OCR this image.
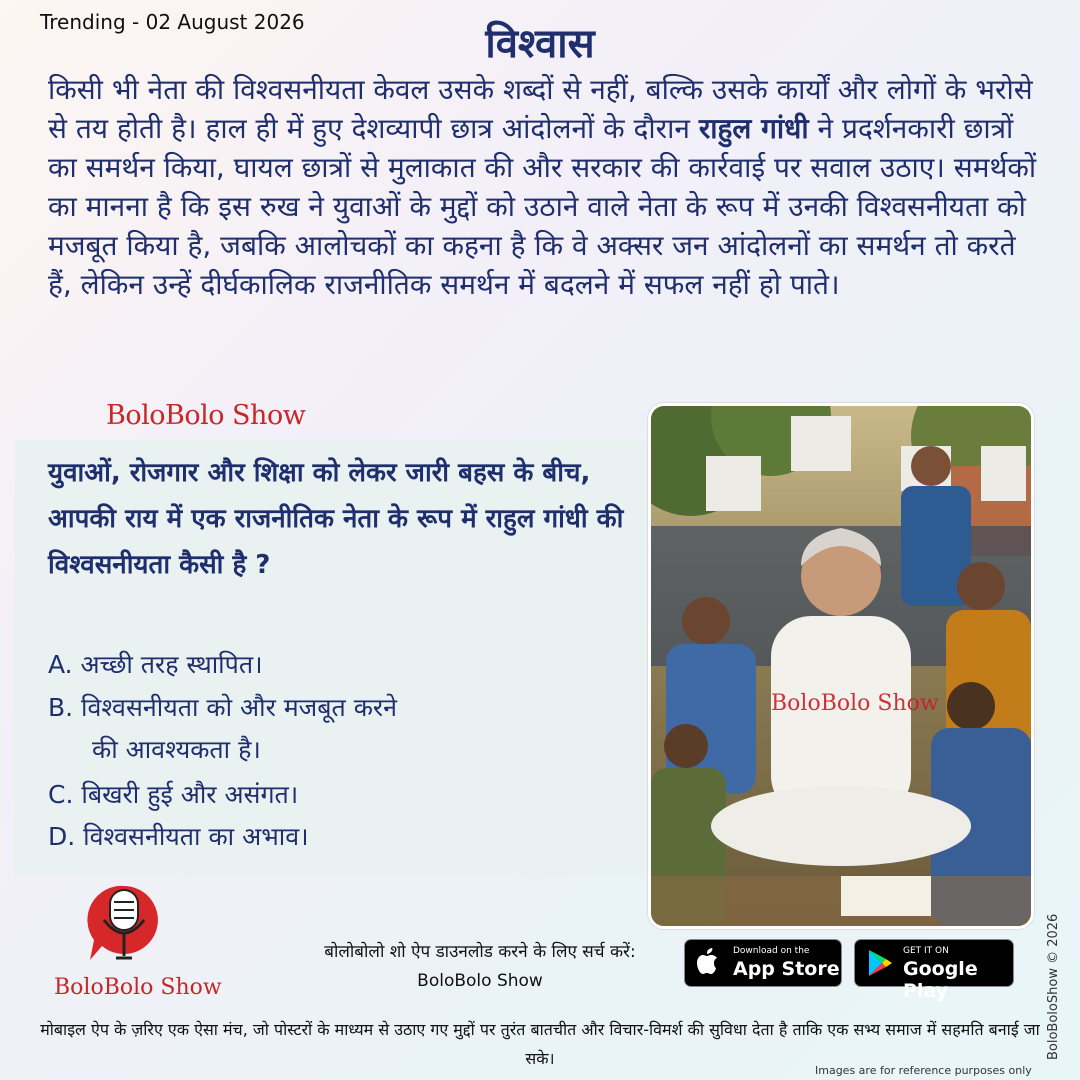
Trending - 02 August 2026	विश्वास
किसी भी नेता की विश्वसनीयता केवल उसके शब्दों से नहीं, बल्कि उसके कार्यों और लोगों के भरोसे से तय होती है। हाल ही में हुए देशव्यापी छात्र आंदोलनों के दौरान राहुल गांधी ने प्रदर्शनकारी छात्रों का समर्थन किया, घायल छात्रों से मुलाकात की और सरकार की कार्रवाई पर सवाल उठाए। समर्थकों का मानना है कि इस रुख ने युवाओं के मुद्दों को उठाने वाले नेता के रूप में उनकी विश्वसनीयता को मजबूत किया है, जबकि आलोचकों का कहना है कि वे अक्सर जन आंदोलनों का समर्थन तो करते हैं, लेकिन उन्हें दीर्घकालिक राजनीतिक समर्थन में बदलने में सफल नहीं हो पाते।
BoloBolo Show
युवाओं, रोजगार और शिक्षा को लेकर जारी बहस के बीच, आपकी राय में एक राजनीतिक नेता के रूप में राहुल गांधी की विश्वसनीयता कैसी है ?
A. अच्छी तरह स्थापित।
B. विश्वसनीयता को और मजबूत करने
की आवश्यकता है।
C. बिखरी हुई और असंगत।
D. विश्वसनीयता का अभाव।
BoloBolo Show
BoloBolo Show
बोलोबोलो शो ऐप डाउनलोड करने के लिए सर्च करें:
BoloBolo Show
Download on the
App Store
GET IT ON
Google Play
मोबाइल ऐप के ज़रिए एक ऐसा मंच, जो पोस्टरों के माध्यम से उठाए गए मुद्दों पर तुरंत बातचीत और विचार-विमर्श की सुविधा देता है ताकि एक सभ्य समाज में सहमति बनाई जा सके।	BoloBoloShow © 2026
Images are for reference purposes only
